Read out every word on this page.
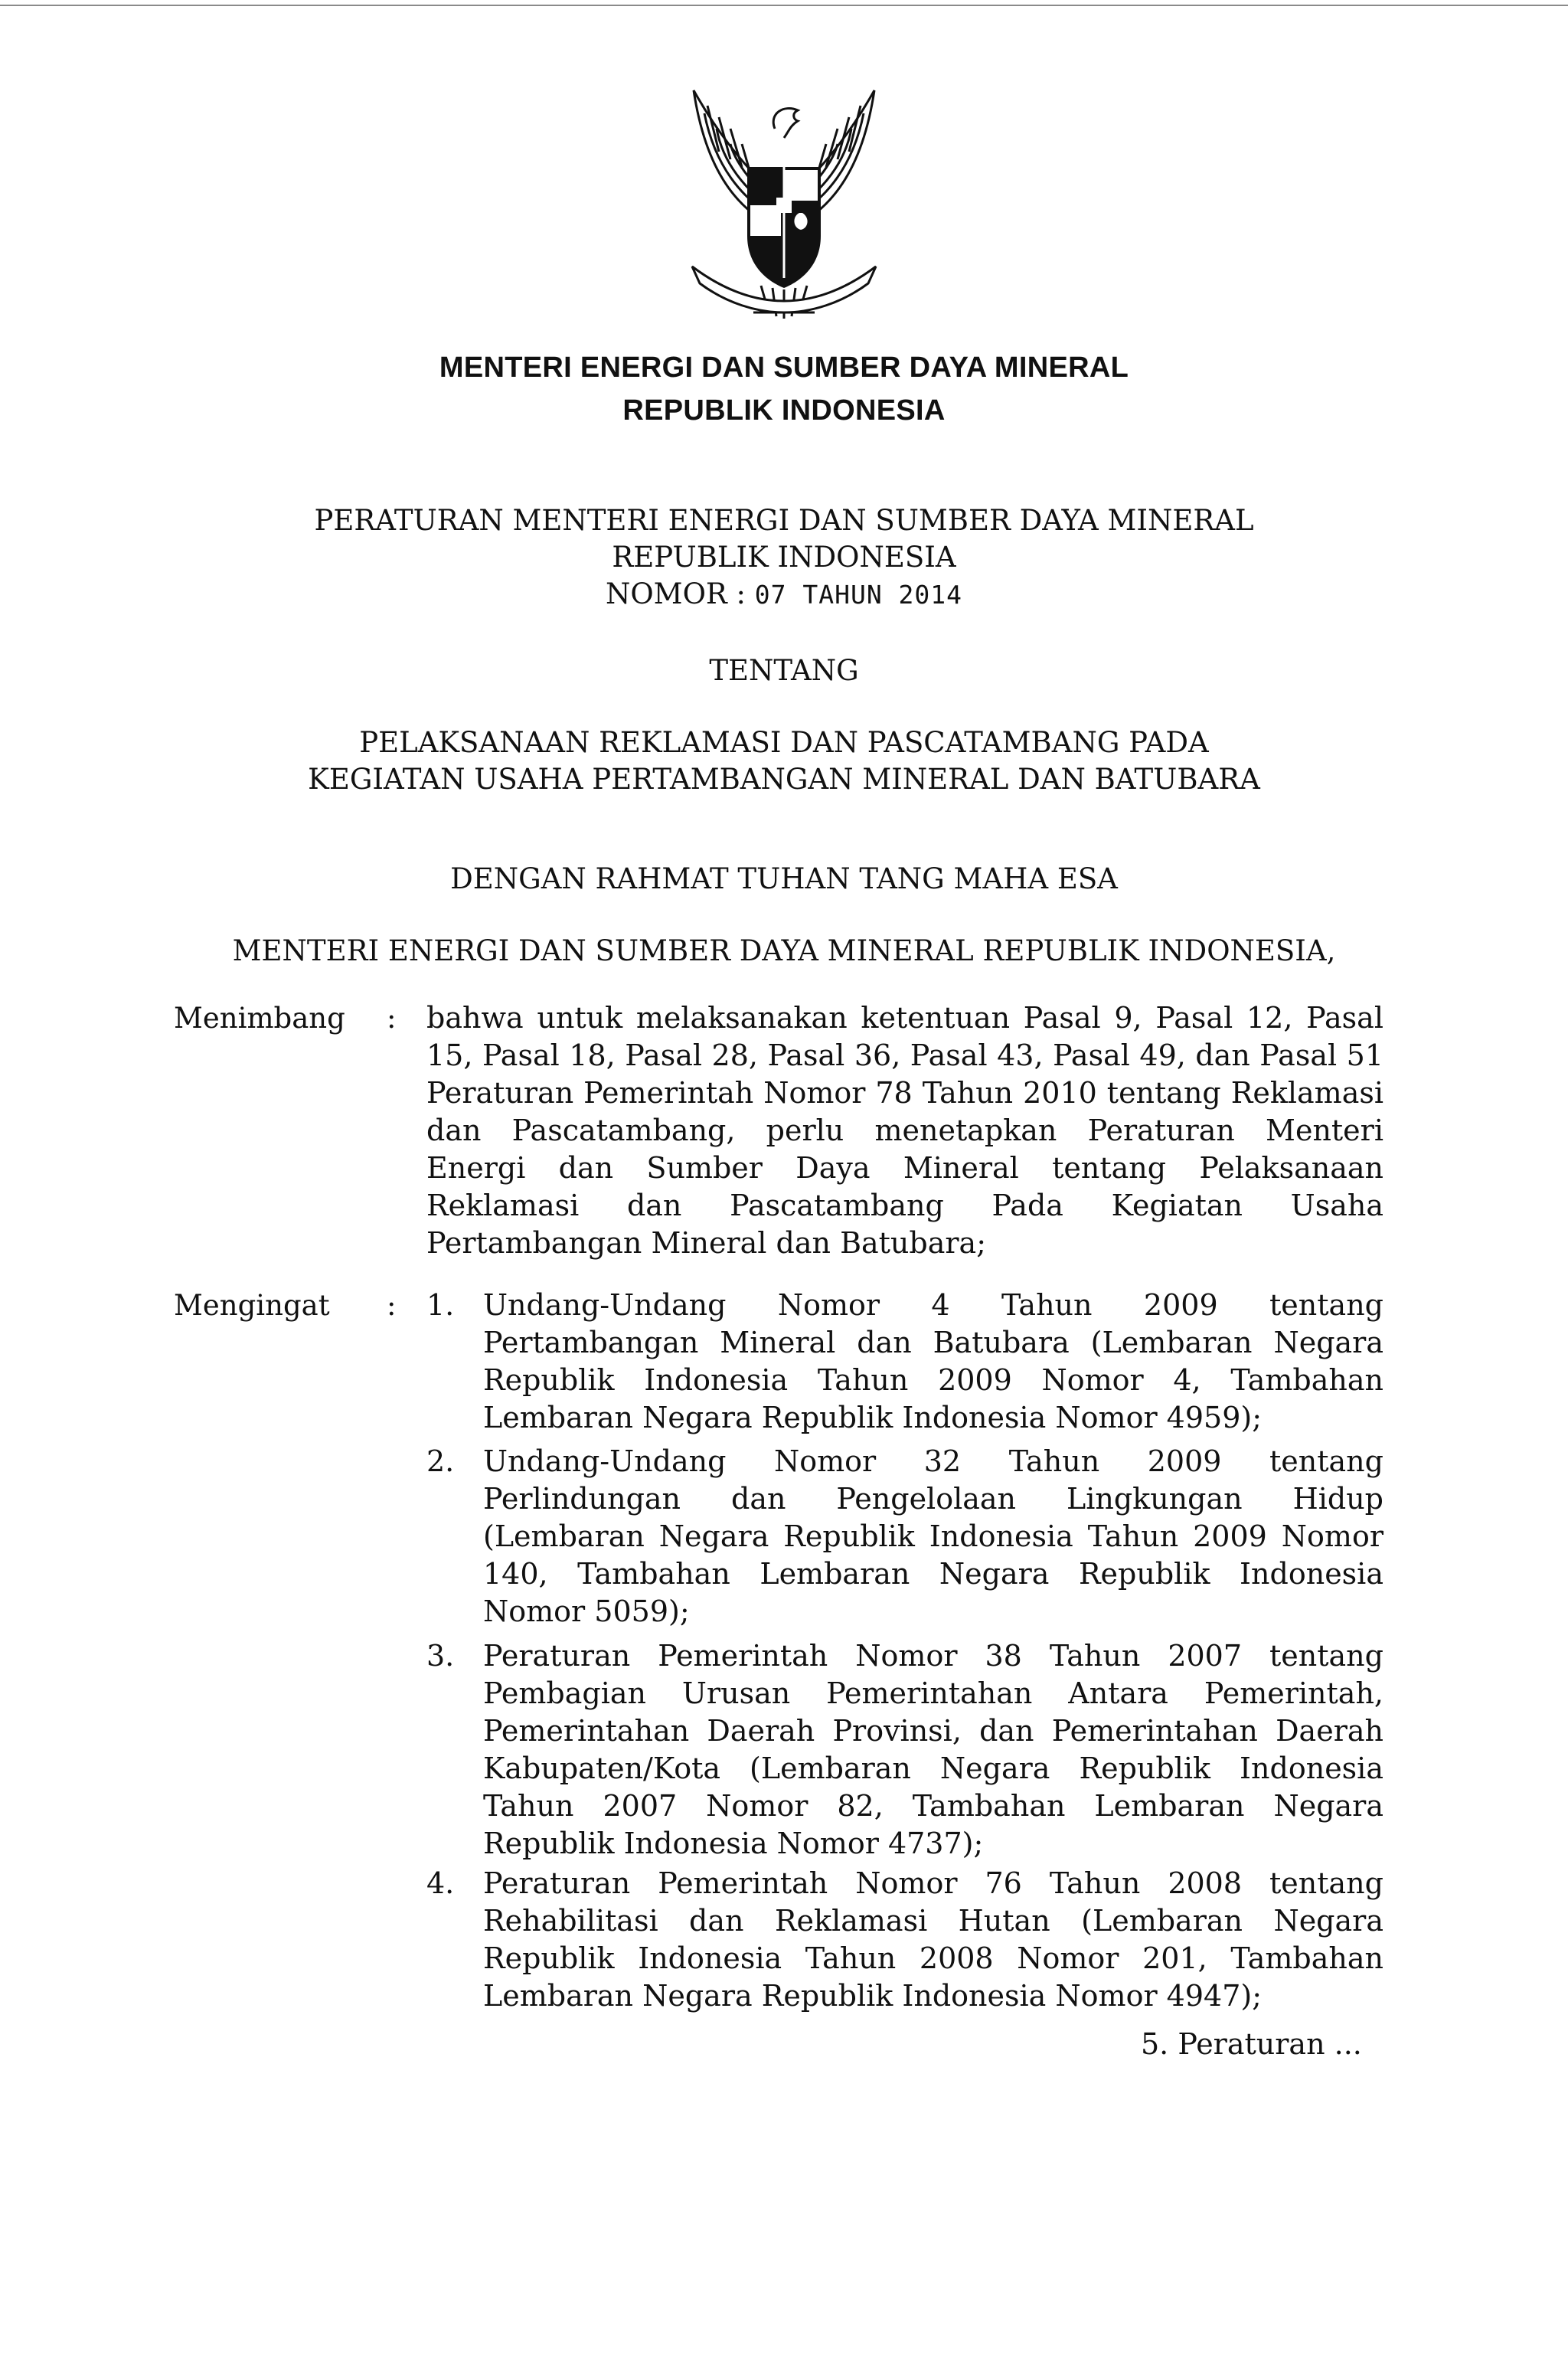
MENTERI ENERGI DAN SUMBER DAYA MINERAL
REPUBLIK INDONESIA
PERATURAN MENTERI ENERGI DAN SUMBER DAYA MINERAL
REPUBLIK INDONESIA
NOMOR : 07 TAHUN 2014
TENTANG
PELAKSANAAN REKLAMASI DAN PASCATAMBANG PADA
KEGIATAN USAHA PERTAMBANGAN MINERAL DAN BATUBARA
DENGAN RAHMAT TUHAN TANG MAHA ESA
MENTERI ENERGI DAN SUMBER DAYA MINERAL REPUBLIK INDONESIA,
Menimbang : bahwa untuk melaksanakan ketentuan Pasal 9, Pasal 12, Pasal 15, Pasal 18, Pasal 28, Pasal 36, Pasal 43, Pasal 49, dan Pasal 51 Peraturan Pemerintah Nomor 78 Tahun 2010 tentang Reklamasi dan Pascatambang, perlu menetapkan Peraturan Menteri Energi dan Sumber Daya Mineral tentang Pelaksanaan Reklamasi dan Pascatambang Pada Kegiatan Usaha Pertambangan Mineral dan Batubara;
Mengingat : 1. Undang-Undang Nomor 4 Tahun 2009 tentang Pertambangan Mineral dan Batubara (Lembaran Negara Republik Indonesia Tahun 2009 Nomor 4, Tambahan Lembaran Negara Republik Indonesia Nomor 4959);
2. Undang-Undang Nomor 32 Tahun 2009 tentang Perlindungan dan Pengelolaan Lingkungan Hidup (Lembaran Negara Republik Indonesia Tahun 2009 Nomor 140, Tambahan Lembaran Negara Republik Indonesia Nomor 5059);
3. Peraturan Pemerintah Nomor 38 Tahun 2007 tentang Pembagian Urusan Pemerintahan Antara Pemerintah, Pemerintahan Daerah Provinsi, dan Pemerintahan Daerah Kabupaten/Kota (Lembaran Negara Republik Indonesia Tahun 2007 Nomor 82, Tambahan Lembaran Negara Republik Indonesia Nomor 4737);
4. Peraturan Pemerintah Nomor 76 Tahun 2008 tentang Rehabilitasi dan Reklamasi Hutan (Lembaran Negara Republik Indonesia Tahun 2008 Nomor 201, Tambahan Lembaran Negara Republik Indonesia Nomor 4947);
5. Peraturan ...
